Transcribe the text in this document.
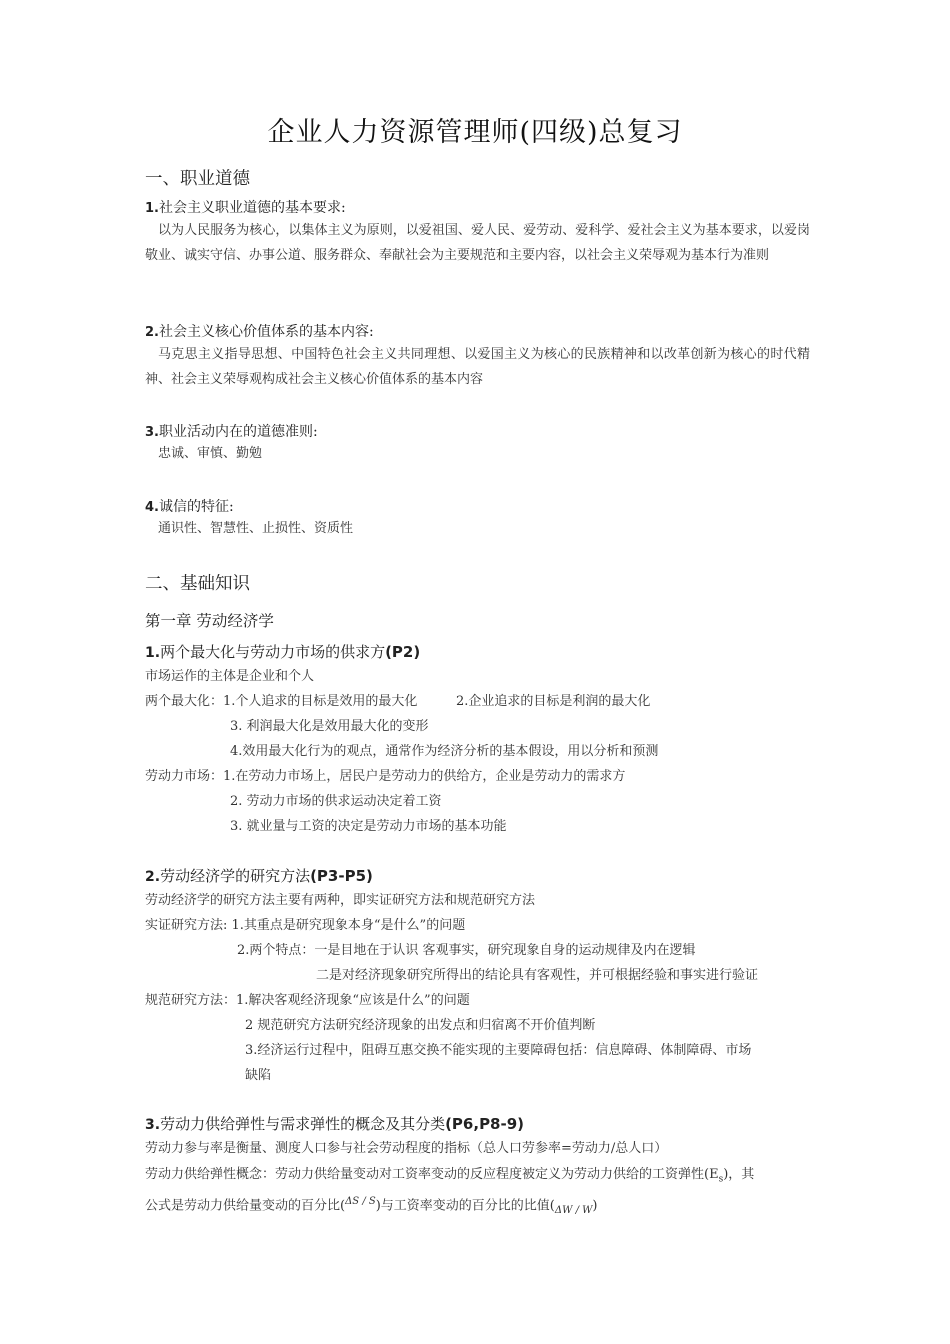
企业人力资源管理师(四级)总复习
一、职业道德
1.社会主义职业道德的基本要求:
以为人民服务为核心，以集体主义为原则，以爱祖国、爱人民、爱劳动、爱科学、爱社会主义为基本要求，以爱岗敬业、诚实守信、办事公道、服务群众、奉献社会为主要规范和主要内容，以社会主义荣辱观为基本行为准则
2.社会主义核心价值体系的基本内容:
马克思主义指导思想、中国特色社会主义共同理想、以爱国主义为核心的民族精神和以改革创新为核心的时代精神、社会主义荣辱观构成社会主义核心价值体系的基本内容
3.职业活动内在的道德准则:
忠诚、审慎、勤勉
4.诚信的特征:
通识性、智慧性、止损性、资质性
二、基础知识
第一章 劳动经济学
1.两个最大化与劳动力市场的供求方(P2)
市场运作的主体是企业和个人
两个最大化：1.个人追求的目标是效用的最大化	2.企业追求的目标是利润的最大化
3. 利润最大化是效用最大化的变形
4.效用最大化行为的观点，通常作为经济分析的基本假设，用以分析和预测
劳动力市场：1.在劳动力市场上，居民户是劳动力的供给方，企业是劳动力的需求方
2. 劳动力市场的供求运动决定着工资
3. 就业量与工资的决定是劳动力市场的基本功能
2.劳动经济学的研究方法(P3-P5)
劳动经济学的研究方法主要有两种，即实证研究方法和规范研究方法
实证研究方法: 1.其重点是研究现象本身“是什么”的问题
2.两个特点：一是目地在于认识 客观事实，研究现象自身的运动规律及内在逻辑
二是对经济现象研究所得出的结论具有客观性，并可根据经验和事实进行验证
规范研究方法：1.解决客观经济现象“应该是什么”的问题
2 规范研究方法研究经济现象的出发点和归宿离不开价值判断
3.经济运行过程中，阻碍互惠交换不能实现的主要障碍包括：信息障碍、体制障碍、市场
缺陷
3.劳动力供给弹性与需求弹性的概念及其分类(P6,P8-9)
劳动力参与率是衡量、测度人口参与社会劳动程度的指标（总人口劳参率=劳动力/总人口）
劳动力供给弹性概念：劳动力供给量变动对工资率变动的反应程度被定义为劳动力供给的工资弹性$(E_s)$，其
公式是劳动力供给量变动的百分比($^{\Delta S / S}$)与工资率变动的百分比的比值$(_{\Delta W / W})$
